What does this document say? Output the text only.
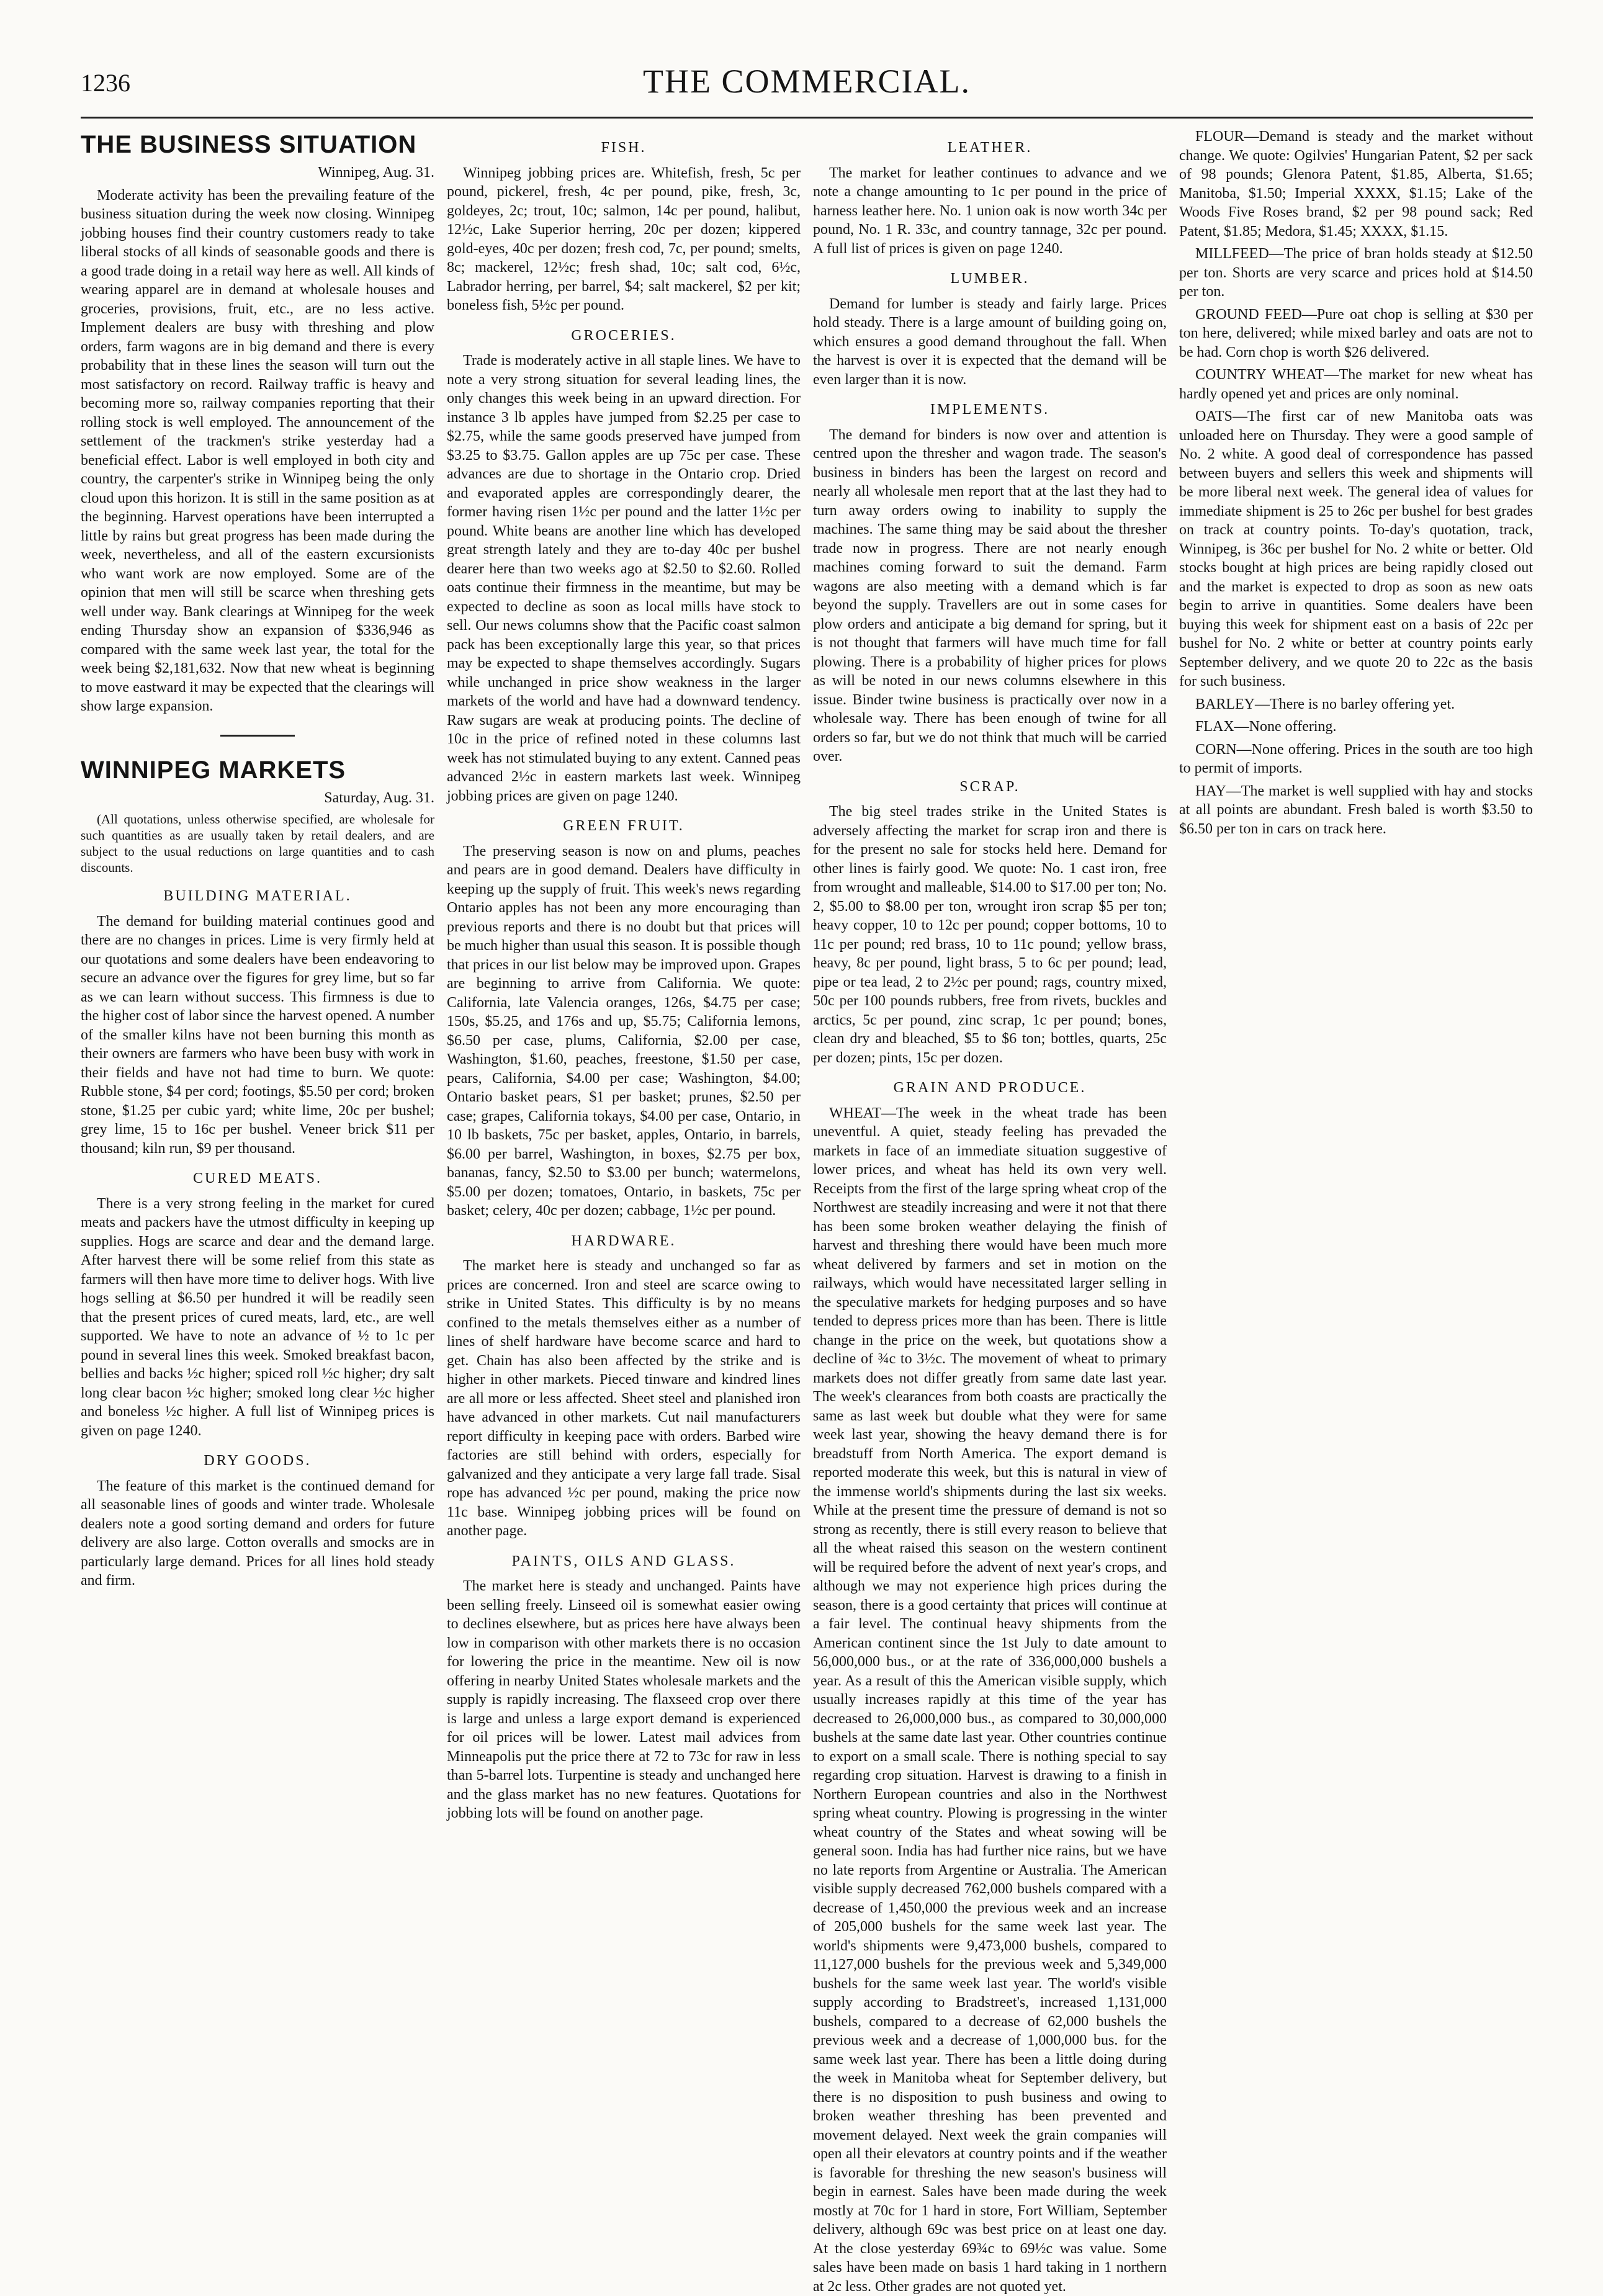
1236	THE COMMERCIAL.
THE BUSINESS SITUATION

Winnipeg, Aug. 31.

Moderate activity has been the prevailing feature of the business situation during the week now closing. Winnipeg jobbing houses find their country customers ready to take liberal stocks of all kinds of seasonable goods and there is a good trade doing in a retail way here as well. All kinds of wearing apparel are in demand at wholesale houses and groceries, provisions, fruit, etc., are no less active. Implement dealers are busy with threshing and plow orders, farm wagons are in big demand and there is every probability that in these lines the season will turn out the most satisfactory on record. Railway traffic is heavy and becoming more so, railway companies reporting that their rolling stock is well employed. The announcement of the settlement of the trackmen's strike yesterday had a beneficial effect. Labor is well employed in both city and country, the carpenter's strike in Winnipeg being the only cloud upon this horizon. It is still in the same position as at the beginning. Harvest operations have been interrupted a little by rains but great progress has been made during the week, nevertheless, and all of the eastern excursionists who want work are now employed. Some are of the opinion that men will still be scarce when threshing gets well under way. Bank clearings at Winnipeg for the week ending Thursday show an expansion of $336,946 as compared with the same week last year, the total for the week being $2,181,632. Now that new wheat is beginning to move eastward it may be expected that the clearings will show large expansion.

WINNIPEG MARKETS

Saturday, Aug. 31.

(All quotations, unless otherwise specified, are wholesale for such quantities as are usually taken by retail dealers, and are subject to the usual reductions on large quantities and to cash discounts.

BUILDING MATERIAL.

The demand for building material continues good and there are no changes in prices. Lime is very firmly held at our quotations and some dealers have been endeavoring to secure an advance over the figures for grey lime, but so far as we can learn without success. This firmness is due to the higher cost of labor since the harvest opened. A number of the smaller kilns have not been burning this month as their owners are farmers who have been busy with work in their fields and have not had time to burn. We quote: Rubble stone, $4 per cord; footings, $5.50 per cord; broken stone, $1.25 per cubic yard; white lime, 20c per bushel; grey lime, 15 to 16c per bushel. Veneer brick $11 per thousand; kiln run, $9 per thousand.

CURED MEATS.

There is a very strong feeling in the market for cured meats and packers have the utmost difficulty in keeping up supplies. Hogs are scarce and dear and the demand large. After harvest there will be some relief from this state as farmers will then have more time to deliver hogs. With live hogs selling at $6.50 per hundred it will be readily seen that the present prices of cured meats, lard, etc., are well supported. We have to note an advance of ½ to 1c per pound in several lines this week. Smoked breakfast bacon, bellies and backs ½c higher; spiced roll ½c higher; dry salt long clear bacon ½c higher; smoked long clear ½c higher and boneless ½c higher. A full list of Winnipeg prices is given on page 1240.

DRY GOODS.

The feature of this market is the continued demand for all seasonable lines of goods and winter trade. Wholesale dealers note a good sorting demand and orders for future delivery are also large. Cotton overalls and smocks are in particularly large demand. Prices for all lines hold steady and firm.

FISH.

Winnipeg jobbing prices are. Whitefish, fresh, 5c per pound, pickerel, fresh, 4c per pound, pike, fresh, 3c, goldeyes, 2c; trout, 10c; salmon, 14c per pound, halibut, 12½c, Lake Superior herring, 20c per dozen; kippered gold-eyes, 40c per dozen; fresh cod, 7c, per pound; smelts, 8c; mackerel, 12½c; fresh shad, 10c; salt cod, 6½c, Labrador herring, per barrel, $4; salt mackerel, $2 per kit; boneless fish, 5½c per pound.

GROCERIES.

Trade is moderately active in all staple lines. We have to note a very strong situation for several leading lines, the only changes this week being in an upward direction. For instance 3 lb apples have jumped from $2.25 per case to $2.75, while the same goods preserved have jumped from $3.25 to $3.75. Gallon apples are up 75c per case. These advances are due to shortage in the Ontario crop. Dried and evaporated apples are correspondingly dearer, the former having risen 1½c per pound and the latter 1½c per pound. White beans are another line which has developed great strength lately and they are to-day 40c per bushel dearer here than two weeks ago at $2.50 to $2.60. Rolled oats continue their firmness in the meantime, but may be expected to decline as soon as local mills have stock to sell. Our news columns show that the Pacific coast salmon pack has been exceptionally large this year, so that prices may be expected to shape themselves accordingly. Sugars while unchanged in price show weakness in the larger markets of the world and have had a downward tendency. Raw sugars are weak at producing points. The decline of 10c in the price of refined noted in these columns last week has not stimulated buying to any extent. Canned peas advanced 2½c in eastern markets last week. Winnipeg jobbing prices are given on page 1240.

GREEN FRUIT.

The preserving season is now on and plums, peaches and pears are in good demand. Dealers have difficulty in keeping up the supply of fruit. This week's news regarding Ontario apples has not been any more encouraging than previous reports and there is no doubt but that prices will be much higher than usual this season. It is possible though that prices in our list below may be improved upon. Grapes are beginning to arrive from California. We quote: California, late Valencia oranges, 126s, $4.75 per case; 150s, $5.25, and 176s and up, $5.75; California lemons, $6.50 per case, plums, California, $2.00 per case, Washington, $1.60, peaches, freestone, $1.50 per case, pears, California, $4.00 per case; Washington, $4.00; Ontario basket pears, $1 per basket; prunes, $2.50 per case; grapes, California tokays, $4.00 per case, Ontario, in 10 lb baskets, 75c per basket, apples, Ontario, in barrels, $6.00 per barrel, Washington, in boxes, $2.75 per box, bananas, fancy, $2.50 to $3.00 per bunch; watermelons, $5.00 per dozen; tomatoes, Ontario, in baskets, 75c per basket; celery, 40c per dozen; cabbage, 1½c per pound.

HARDWARE.

The market here is steady and unchanged so far as prices are concerned. Iron and steel are scarce owing to strike in United States. This difficulty is by no means confined to the metals themselves either as a number of lines of shelf hardware have become scarce and hard to get. Chain has also been affected by the strike and is higher in other markets. Pieced tinware and kindred lines are all more or less affected. Sheet steel and planished iron have advanced in other markets. Cut nail manufacturers report difficulty in keeping pace with orders. Barbed wire factories are still behind with orders, especially for galvanized and they anticipate a very large fall trade. Sisal rope has advanced ½c per pound, making the price now 11c base. Winnipeg jobbing prices will be found on another page.

PAINTS, OILS AND GLASS.

The market here is steady and unchanged. Paints have been selling freely. Linseed oil is somewhat easier owing to declines elsewhere, but as prices here have always been low in comparison with other markets there is no occasion for lowering the price in the meantime. New oil is now offering in nearby United States wholesale markets and the supply is rapidly increasing. The flaxseed crop over there is large and unless a large export demand is experienced for oil prices will be lower. Latest mail advices from Minneapolis put the price there at 72 to 73c for raw in less than 5-barrel lots. Turpentine is steady and unchanged here and the glass market has no new features. Quotations for jobbing lots will be found on another page.

LEATHER.

The market for leather continues to advance and we note a change amounting to 1c per pound in the price of harness leather here. No. 1 union oak is now worth 34c per pound, No. 1 R. 33c, and country tannage, 32c per pound. A full list of prices is given on page 1240.

LUMBER.

Demand for lumber is steady and fairly large. Prices hold steady. There is a large amount of building going on, which ensures a good demand throughout the fall. When the harvest is over it is expected that the demand will be even larger than it is now.

IMPLEMENTS.

The demand for binders is now over and attention is centred upon the thresher and wagon trade. The season's business in binders has been the largest on record and nearly all wholesale men report that at the last they had to turn away orders owing to inability to supply the machines. The same thing may be said about the thresher trade now in progress. There are not nearly enough machines coming forward to suit the demand. Farm wagons are also meeting with a demand which is far beyond the supply. Travellers are out in some cases for plow orders and anticipate a big demand for spring, but it is not thought that farmers will have much time for fall plowing. There is a probability of higher prices for plows as will be noted in our news columns elsewhere in this issue. Binder twine business is practically over now in a wholesale way. There has been enough of twine for all orders so far, but we do not think that much will be carried over.

SCRAP.

The big steel trades strike in the United States is adversely affecting the market for scrap iron and there is for the present no sale for stocks held here. Demand for other lines is fairly good. We quote: No. 1 cast iron, free from wrought and malleable, $14.00 to $17.00 per ton; No. 2, $5.00 to $8.00 per ton, wrought iron scrap $5 per ton; heavy copper, 10 to 12c per pound; copper bottoms, 10 to 11c per pound; red brass, 10 to 11c pound; yellow brass, heavy, 8c per pound, light brass, 5 to 6c per pound; lead, pipe or tea lead, 2 to 2½c per pound; rags, country mixed, 50c per 100 pounds rubbers, free from rivets, buckles and arctics, 5c per pound, zinc scrap, 1c per pound; bones, clean dry and bleached, $5 to $6 ton; bottles, quarts, 25c per dozen; pints, 15c per dozen.

GRAIN AND PRODUCE.

WHEAT—The week in the wheat trade has been uneventful. A quiet, steady feeling has prevaded the markets in face of an immediate situation suggestive of lower prices, and wheat has held its own very well. Receipts from the first of the large spring wheat crop of the Northwest are steadily increasing and were it not that there has been some broken weather delaying the finish of harvest and threshing there would have been much more wheat delivered by farmers and set in motion on the railways, which would have necessitated larger selling in the speculative markets for hedging purposes and so have tended to depress prices more than has been. There is little change in the price on the week, but quotations show a decline of ¾c to 3½c. The movement of wheat to primary markets does not differ greatly from same date last year. The week's clearances from both coasts are practically the same as last week but double what they were for same week last year, showing the heavy demand there is for breadstuff from North America. The export demand is reported moderate this week, but this is natural in view of the immense world's shipments during the last six weeks. While at the present time the pressure of demand is not so strong as recently, there is still every reason to believe that all the wheat raised this season on the western continent will be required before the advent of next year's crops, and although we may not experience high prices during the season, there is a good certainty that prices will continue at a fair level. The continual heavy shipments from the American continent since the 1st July to date amount to 56,000,000 bus., or at the rate of 336,000,000 bushels a year. As a result of this the American visible supply, which usually increases rapidly at this time of the year has decreased to 26,000,000 bus., as compared to 30,000,000 bushels at the same date last year. Other countries continue to export on a small scale. There is nothing special to say regarding crop situation. Harvest is drawing to a finish in Northern European countries and also in the Northwest spring wheat country. Plowing is progressing in the winter wheat country of the States and wheat sowing will be general soon. India has had further nice rains, but we have no late reports from Argentine or Australia. The American visible supply decreased 762,000 bushels compared with a decrease of 1,450,000 the previous week and an increase of 205,000 bushels for the same week last year. The world's shipments were 9,473,000 bushels, compared to 11,127,000 bushels for the previous week and 5,349,000 bushels for the same week last year. The world's visible supply according to Bradstreet's, increased 1,131,000 bushels, compared to a decrease of 62,000 bushels the previous week and a decrease of 1,000,000 bus. for the same week last year. There has been a little doing during the week in Manitoba wheat for September delivery, but there is no disposition to push business and owing to broken weather threshing has been prevented and movement delayed. Next week the grain companies will open all their elevators at country points and if the weather is favorable for threshing the new season's business will begin in earnest. Sales have been made during the week mostly at 70c for 1 hard in store, Fort William, September delivery, although 69c was best price on at least one day. At the close yesterday 69¾c to 69½c was value. Some sales have been made on basis 1 hard taking in 1 northern at 2c less. Other grades are not quoted yet.

FLOUR—Demand is steady and the market without change. We quote: Ogilvies' Hungarian Patent, $2 per sack of 98 pounds; Glenora Patent, $1.85, Alberta, $1.65; Manitoba, $1.50; Imperial XXXX, $1.15; Lake of the Woods Five Roses brand, $2 per 98 pound sack; Red Patent, $1.85; Medora, $1.45; XXXX, $1.15.

MILLFEED—The price of bran holds steady at $12.50 per ton. Shorts are very scarce and prices hold at $14.50 per ton.

GROUND FEED—Pure oat chop is selling at $30 per ton here, delivered; while mixed barley and oats are not to be had. Corn chop is worth $26 delivered.

COUNTRY WHEAT—The market for new wheat has hardly opened yet and prices are only nominal.

OATS—The first car of new Manitoba oats was unloaded here on Thursday. They were a good sample of No. 2 white. A good deal of correspondence has passed between buyers and sellers this week and shipments will be more liberal next week. The general idea of values for immediate shipment is 25 to 26c per bushel for best grades on track at country points. To-day's quotation, track, Winnipeg, is 36c per bushel for No. 2 white or better. Old stocks bought at high prices are being rapidly closed out and the market is expected to drop as soon as new oats begin to arrive in quantities. Some dealers have been buying this week for shipment east on a basis of 22c per bushel for No. 2 white or better at country points early September delivery, and we quote 20 to 22c as the basis for such business.

BARLEY—There is no barley offering yet.

FLAX—None offering.

CORN—None offering. Prices in the south are too high to permit of imports.

HAY—The market is well supplied with hay and stocks at all points are abundant. Fresh baled is worth $3.50 to $6.50 per ton in cars on track here.
